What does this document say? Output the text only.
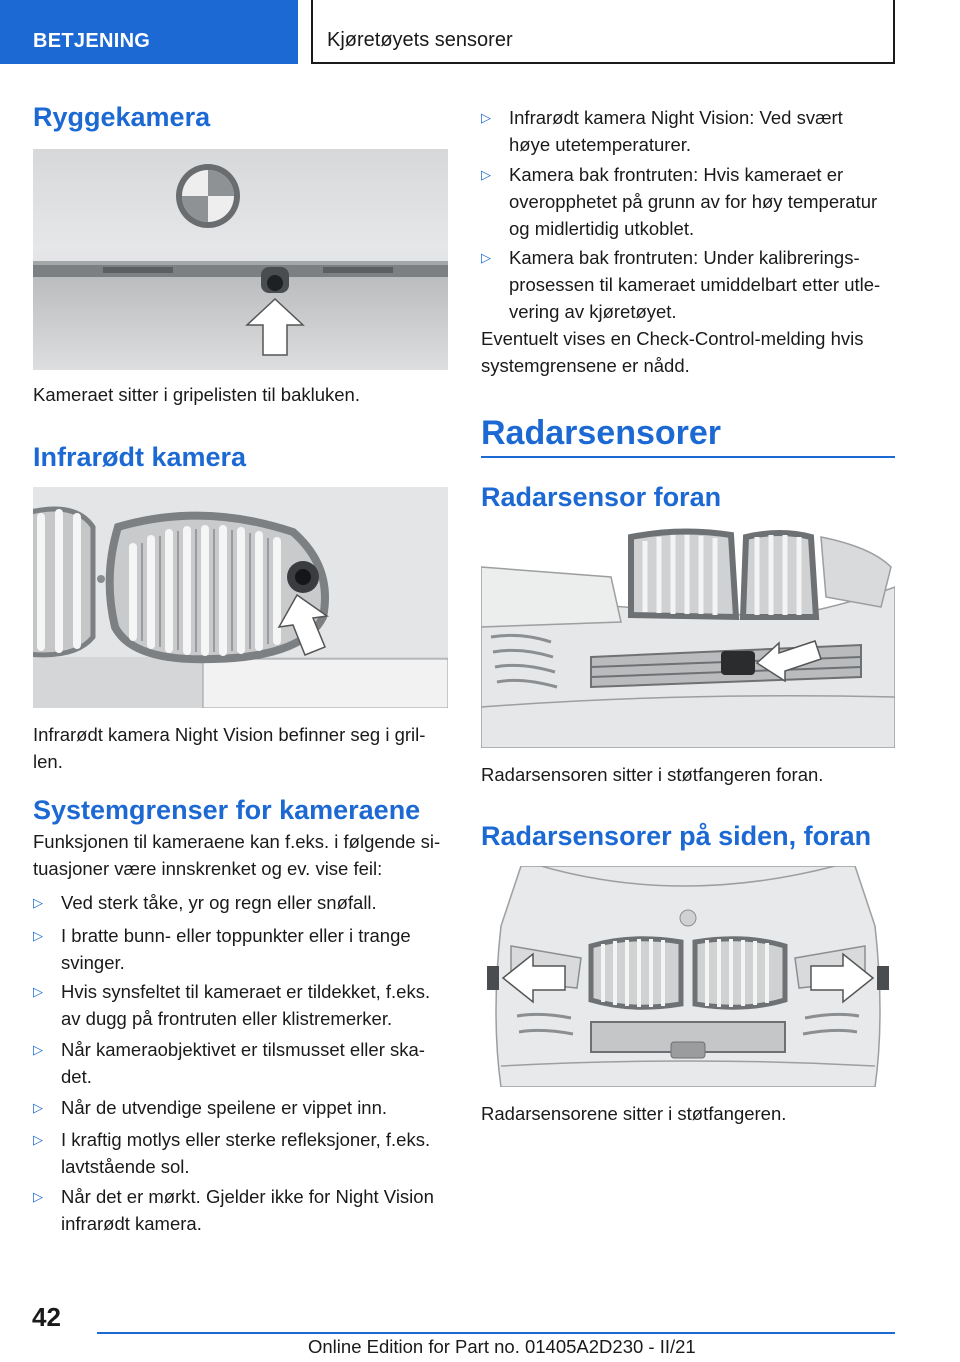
BETJENING	Kjøretøyets sensorer
Ryggekamera
Kameraet sitter i gripelisten til bakluken.
Infrarødt kamera
Infrarødt kamera Night Vision befinner seg i gril‐
len.
Systemgrenser for kameraene
Funksjonen til kameraene kan f.eks. i følgende si‐
tuasjoner være innskrenket og ev. vise feil:
▷ Ved sterk tåke, yr og regn eller snøfall.
▷ I bratte bunn- eller toppunkter eller i trange
svinger.
▷ Hvis synsfeltet til kameraet er tildekket, f.eks.
av dugg på frontruten eller klistremerker.
▷ Når kameraobjektivet er tilsmusset eller ska‐
det.
▷ Når de utvendige speilene er vippet inn.
▷ I kraftig motlys eller sterke refleksjoner, f.eks.
lavtstående sol.
▷ Når det er mørkt. Gjelder ikke for Night Vision
infrarødt kamera.
▷ Infrarødt kamera Night Vision: Ved svært
høye utetemperaturer.
▷ Kamera bak frontruten: Hvis kameraet er
overopphetet på grunn av for høy temperatur
og midlertidig utkoblet.
▷ Kamera bak frontruten: Under kalibrerings‐
prosessen til kameraet umiddelbart etter utle‐
vering av kjøretøyet.
Eventuelt vises en Check-Control-melding hvis
systemgrensene er nådd.
Radarsensorer
Radarsensor foran
Radarsensoren sitter i støtfangeren foran.
Radarsensorer på siden, foran
Radarsensorene sitter i støtfangeren.
42
Online Edition for Part no. 01405A2D230 - II/21
